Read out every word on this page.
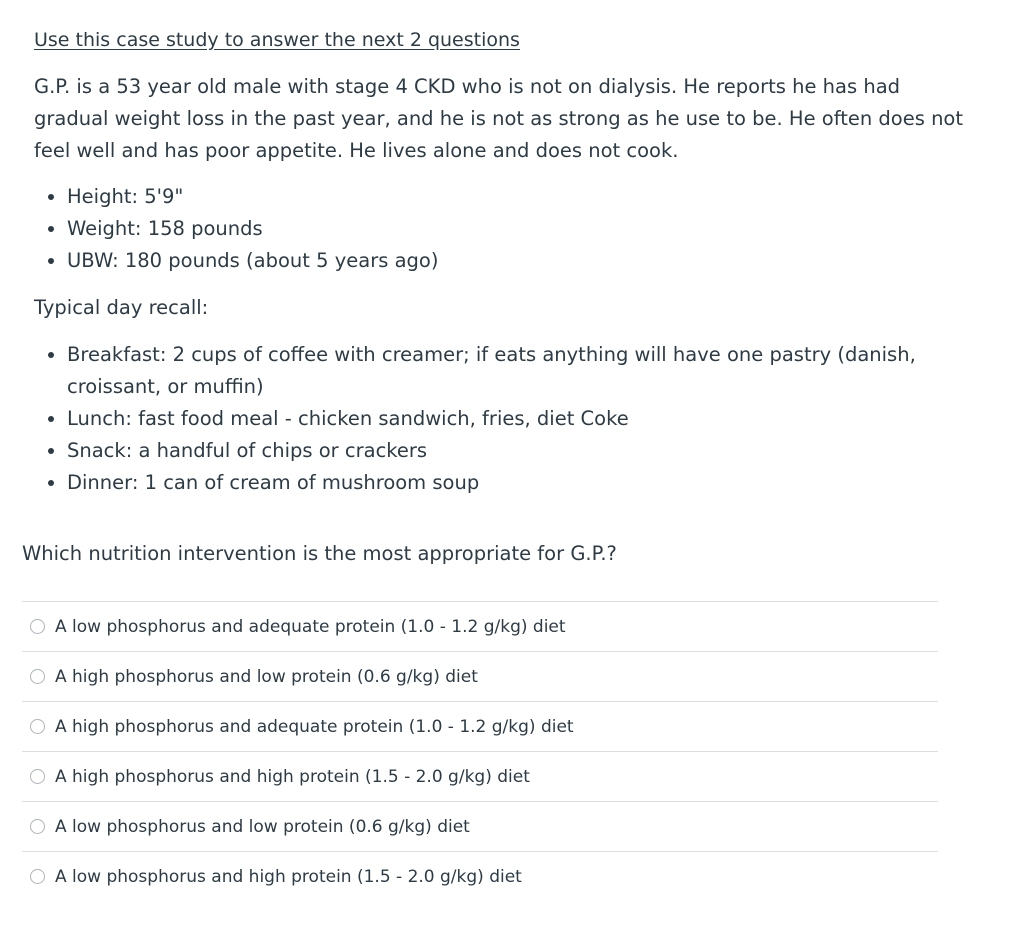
Use this case study to answer the next 2 questions

G.P. is a 53 year old male with stage 4 CKD who is not on dialysis. He reports he has had gradual weight loss in the past year, and he is not as strong as he use to be. He often does not feel well and has poor appetite. He lives alone and does not cook.

• Height: 5'9"
• Weight: 158 pounds
• UBW: 180 pounds (about 5 years ago)

Typical day recall:

• Breakfast: 2 cups of coffee with creamer; if eats anything will have one pastry (danish, croissant, or muffin)
• Lunch: fast food meal - chicken sandwich, fries, diet Coke
• Snack: a handful of chips or crackers
• Dinner: 1 can of cream of mushroom soup

Which nutrition intervention is the most appropriate for G.P.?

A low phosphorus and adequate protein (1.0 - 1.2 g/kg) diet
A high phosphorus and low protein (0.6 g/kg) diet
A high phosphorus and adequate protein (1.0 - 1.2 g/kg) diet
A high phosphorus and high protein (1.5 - 2.0 g/kg) diet
A low phosphorus and low protein (0.6 g/kg) diet
A low phosphorus and high protein (1.5 - 2.0 g/kg) diet
